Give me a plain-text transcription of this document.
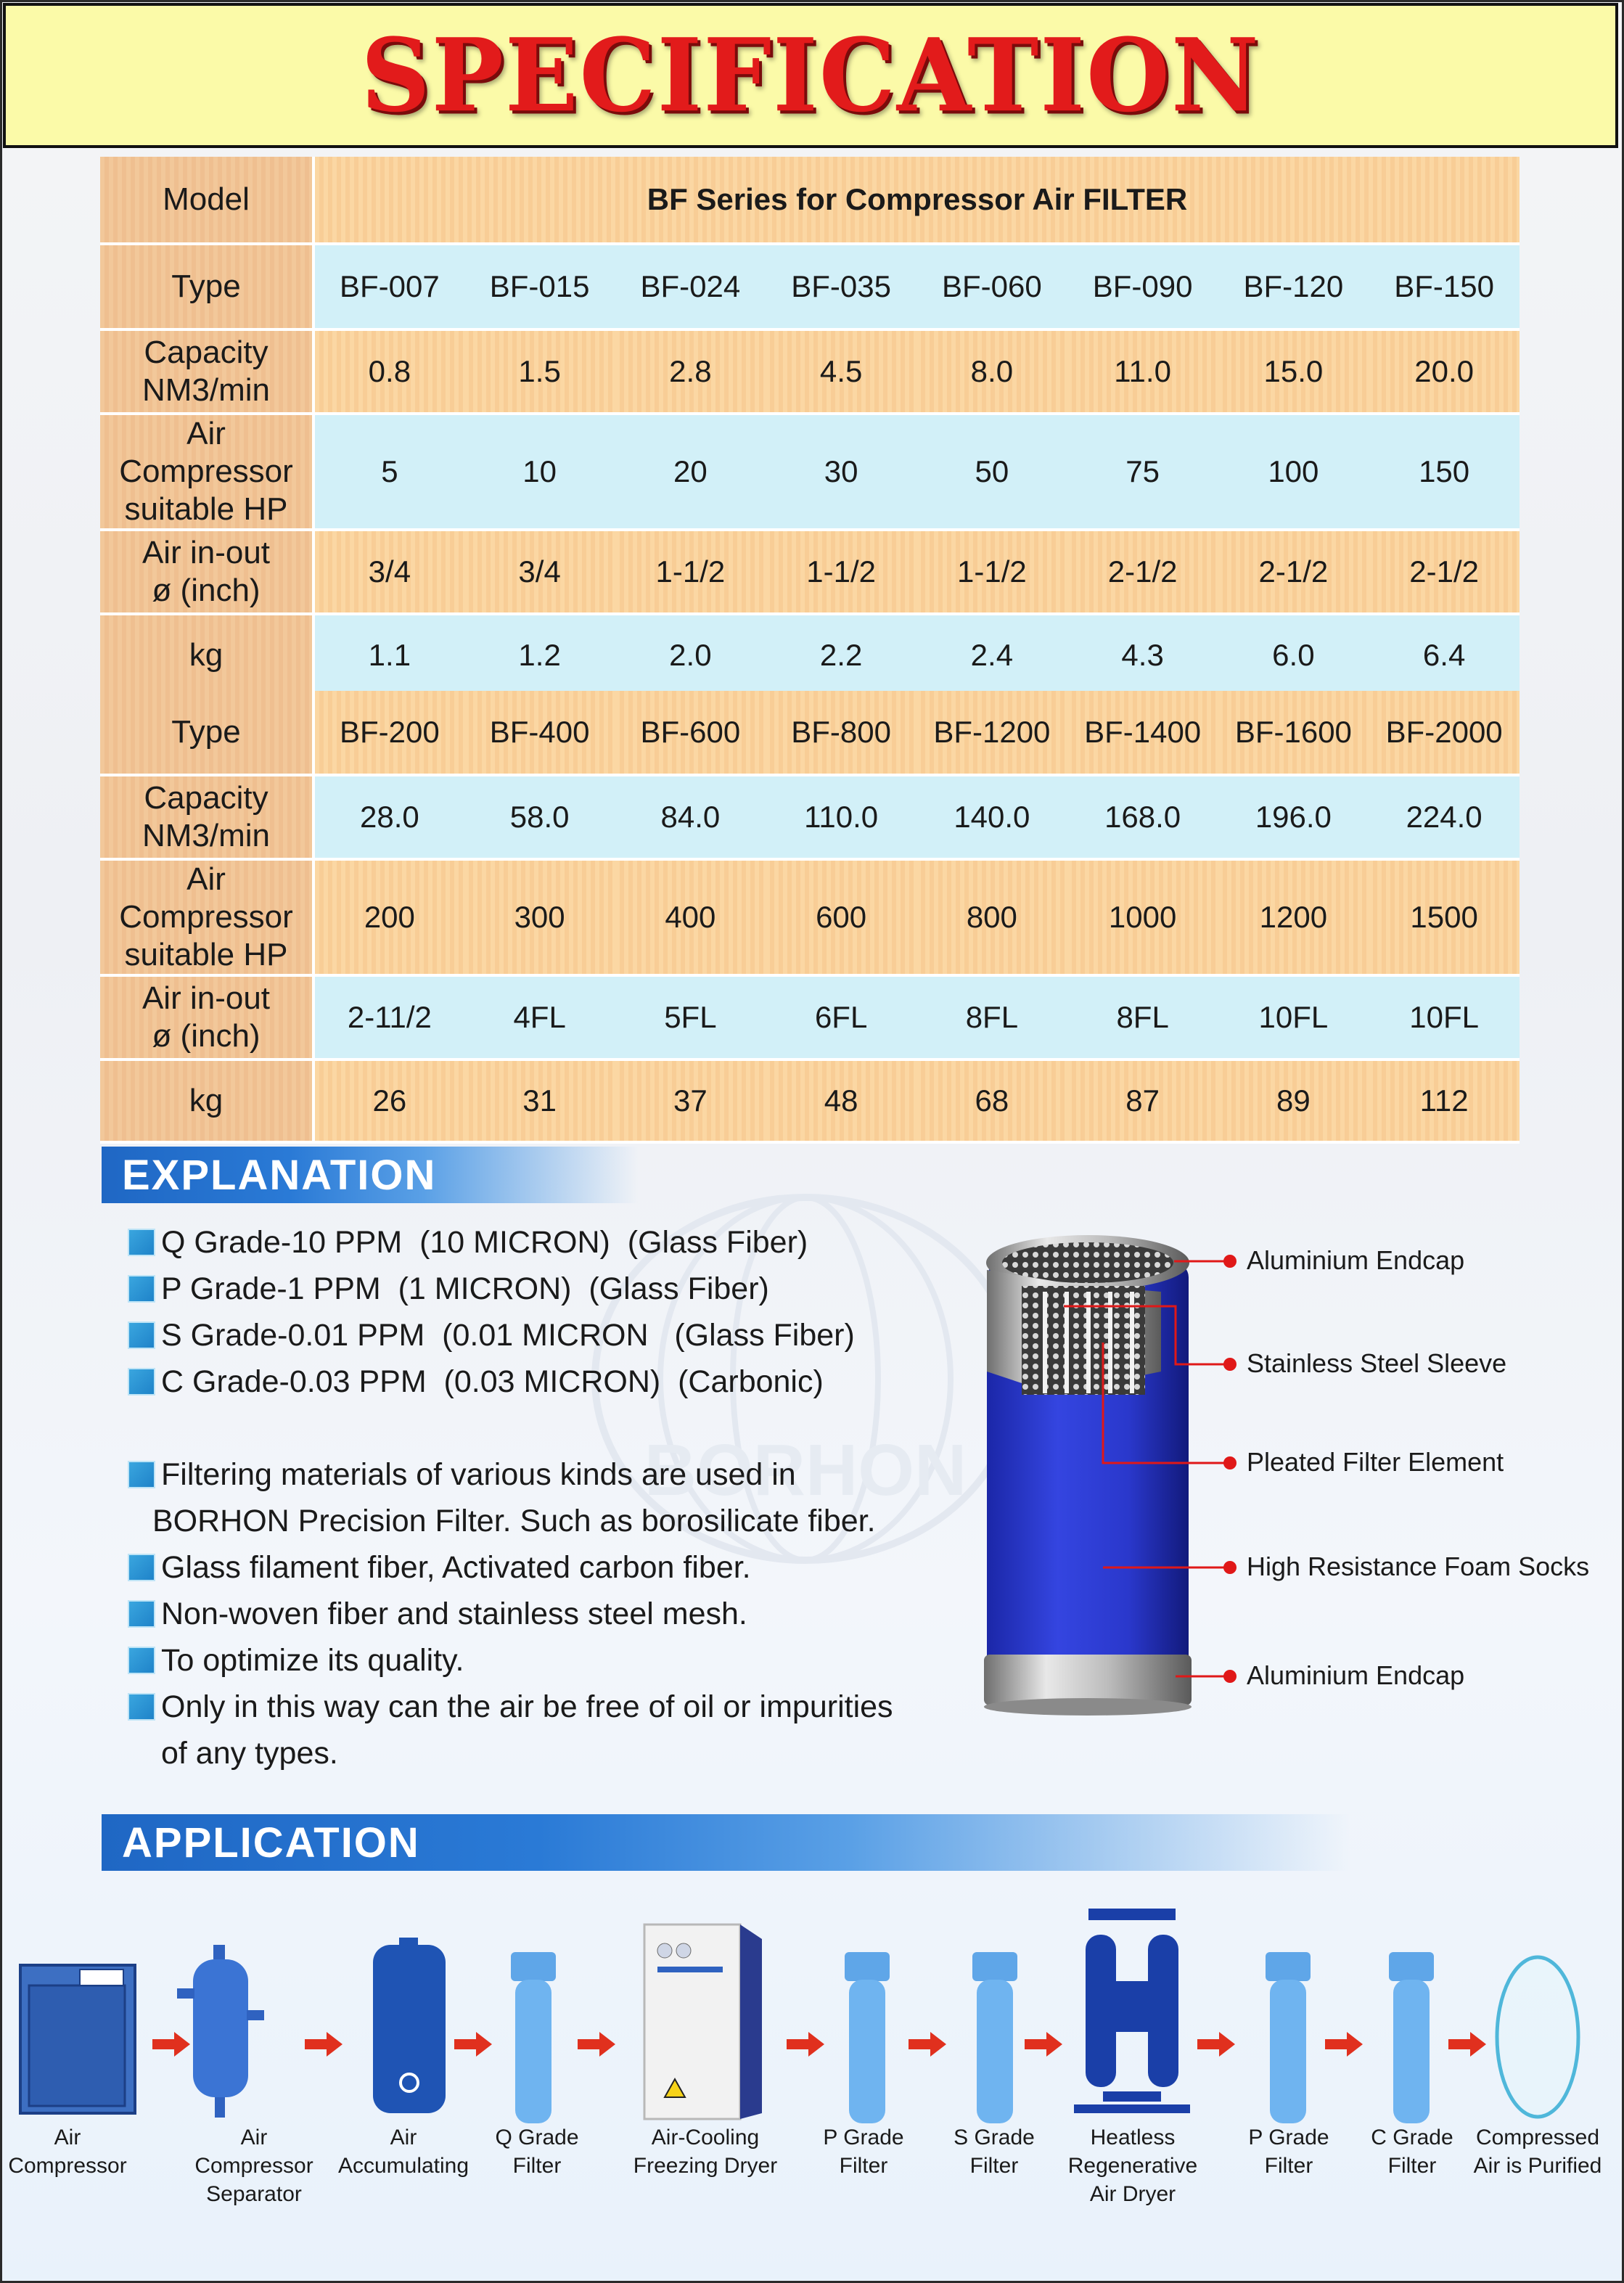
SPECIFICATION
Model	BF Series for Compressor Air FILTER							
Type	BF-007	BF-015	BF-024	BF-035	BF-060	BF-090	BF-120	BF-150
Capacity
NM3/min	0.8	1.5	2.8	4.5	8.0	11.0	15.0	20.0
Air Compressor
suitable HP	5	10	20	30	50	75	100	150
Air in-out
ø (inch)	3/4	3/4	1-1/2	1-1/2	1-1/2	2-1/2	2-1/2	2-1/2
kg	1.1	1.2	2.0	2.2	2.4	4.3	6.0	6.4
Type	BF-200	BF-400	BF-600	BF-800	BF-1200	BF-1400	BF-1600	BF-2000
Capacity
NM3/min	28.0	58.0	84.0	110.0	140.0	168.0	196.0	224.0
Air Compressor
suitable HP	200	300	400	600	800	1000	1200	1500
Air in-out
ø (inch)	2-11/2	4FL	5FL	6FL	8FL	8FL	10FL	10FL
kg	26	31	37	48	68	87	89	112
EXPLANATION
BORHON
Q Grade-10 PPM  (10 MICRON)  (Glass Fiber)
P Grade-1 PPM  (1 MICRON)  (Glass Fiber)
S Grade-0.01 PPM  (0.01 MICRON   (Glass Fiber)
C Grade-0.03 PPM  (0.03 MICRON)  (Carbonic)
Filtering materials of various kinds are used in
BORHON Precision Filter. Such as borosilicate fiber.
Glass filament fiber, Activated carbon fiber.
Non-woven fiber and stainless steel mesh.
To optimize its quality.
Only in this way can the air be free of oil or impurities
of any types.
Aluminium Endcap
Stainless Steel Sleeve
Pleated Filter Element
High Resistance Foam Socks
Aluminium Endcap
APPLICATION
Air
Compressor
Air
Compressor
Separator
Air
Accumulating
Q Grade
Filter
Air-Cooling
Freezing Dryer
P Grade
Filter
S Grade
Filter
Heatless
Regenerative
Air Dryer
P Grade
Filter
C Grade
Filter
Compressed
Air is Purified
